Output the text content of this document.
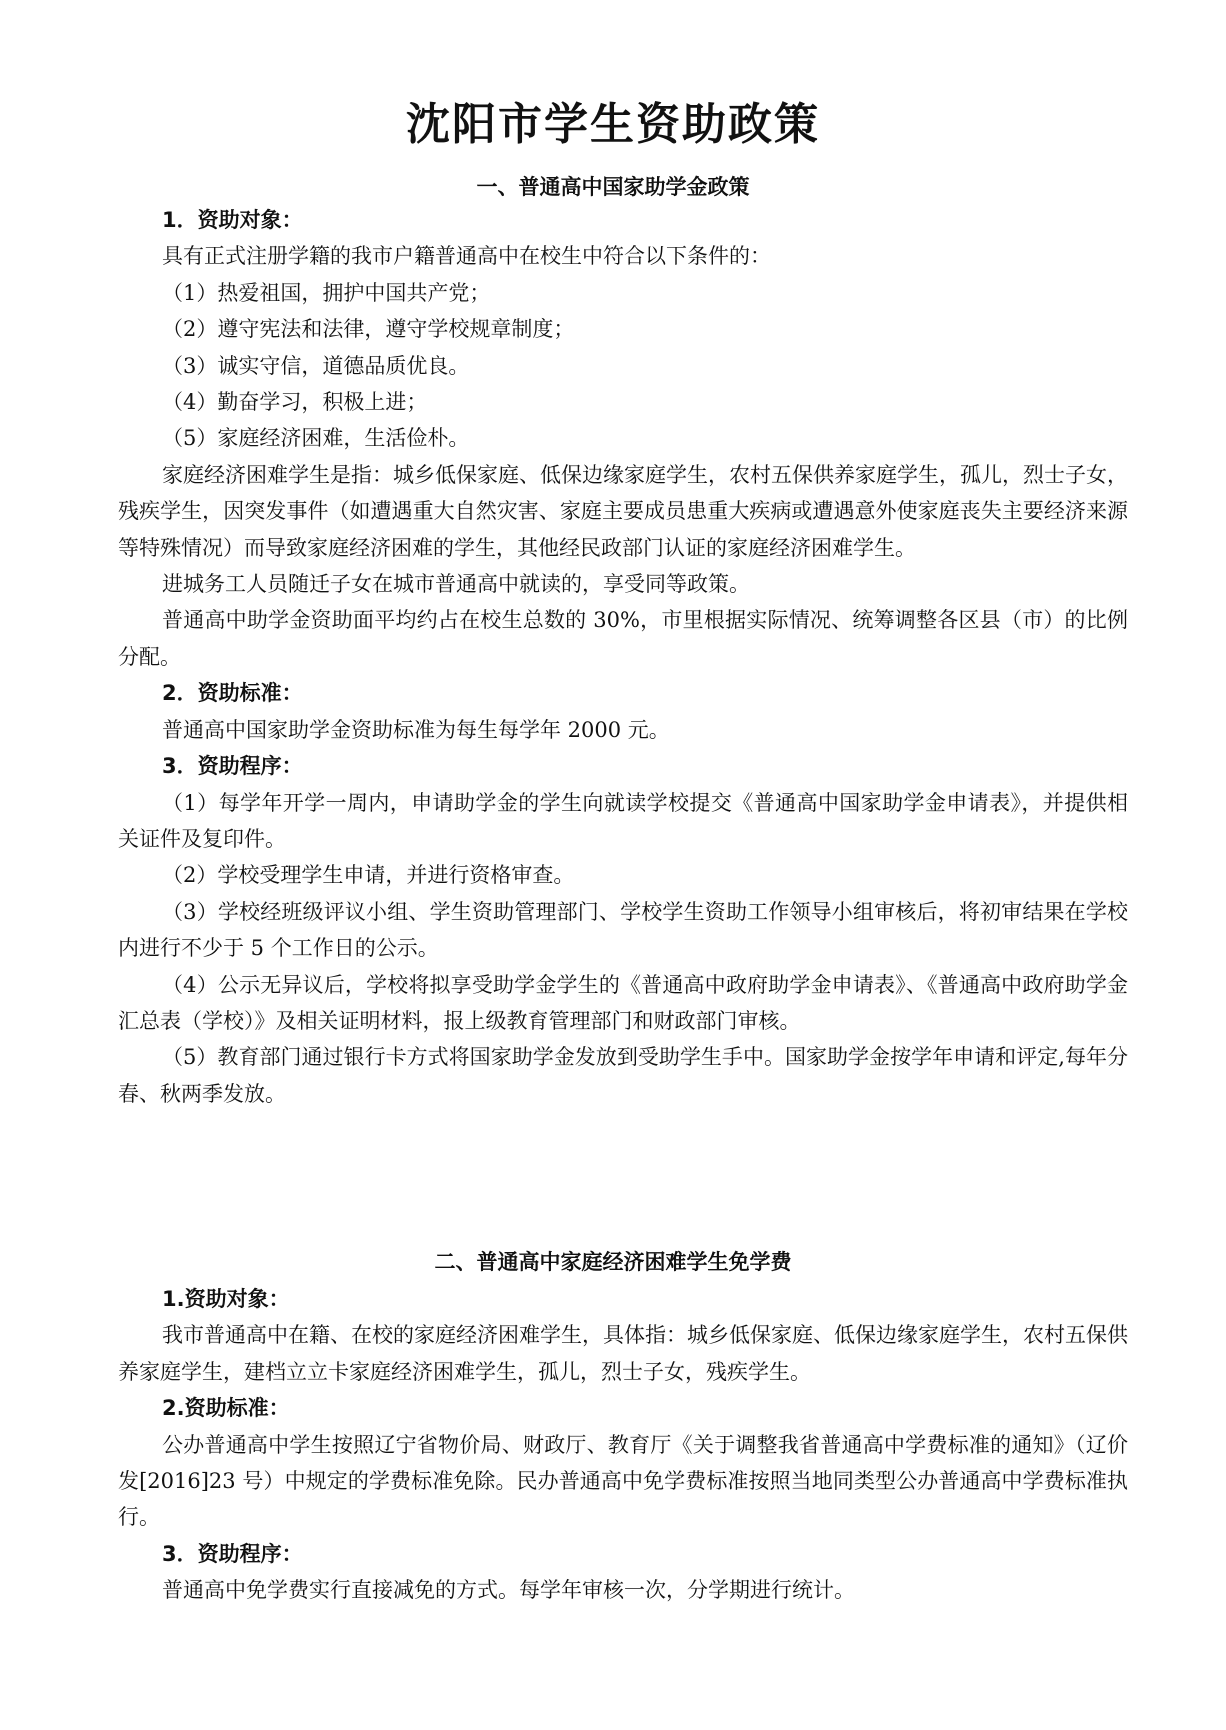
沈阳市学生资助政策
一、普通高中国家助学金政策

1．资助对象：

具有正式注册学籍的我市户籍普通高中在校生中符合以下条件的：

（1）热爱祖国，拥护中国共产党；

（2）遵守宪法和法律，遵守学校规章制度；

（3）诚实守信，道德品质优良。

（4）勤奋学习，积极上进；

（5）家庭经济困难，生活俭朴。

家庭经济困难学生是指：城乡低保家庭、低保边缘家庭学生，农村五保供养家庭学生，孤儿，烈士子女，残疾学生，因突发事件（如遭遇重大自然灾害、家庭主要成员患重大疾病或遭遇意外使家庭丧失主要经济来源等特殊情况）而导致家庭经济困难的学生，其他经民政部门认证的家庭经济困难学生。

进城务工人员随迁子女在城市普通高中就读的，享受同等政策。

普通高中助学金资助面平均约占在校生总数的 30%，市里根据实际情况、统筹调整各区县（市）的比例分配。

2．资助标准：

普通高中国家助学金资助标准为每生每学年 2000 元。

3．资助程序：

（1）每学年开学一周内，申请助学金的学生向就读学校提交《普通高中国家助学金申请表》，并提供相关证件及复印件。

（2）学校受理学生申请，并进行资格审查。

（3）学校经班级评议小组、学生资助管理部门、学校学生资助工作领导小组审核后，将初审结果在学校内进行不少于 5 个工作日的公示。

（4）公示无异议后，学校将拟享受助学金学生的《普通高中政府助学金申请表》、《普通高中政府助学金汇总表（学校）》及相关证明材料，报上级教育管理部门和财政部门审核。

（5）教育部门通过银行卡方式将国家助学金发放到受助学生手中。国家助学金按学年申请和评定,每年分春、秋两季发放。

二、普通高中家庭经济困难学生免学费

1.资助对象：

我市普通高中在籍、在校的家庭经济困难学生，具体指：城乡低保家庭、低保边缘家庭学生，农村五保供养家庭学生，建档立立卡家庭经济困难学生，孤儿，烈士子女，残疾学生。

2.资助标准：

公办普通高中学生按照辽宁省物价局、财政厅、教育厅《关于调整我省普通高中学费标准的通知》（辽价发[2016]23 号）中规定的学费标准免除。民办普通高中免学费标准按照当地同类型公办普通高中学费标准执行。

3．资助程序：

普通高中免学费实行直接减免的方式。每学年审核一次，分学期进行统计。
